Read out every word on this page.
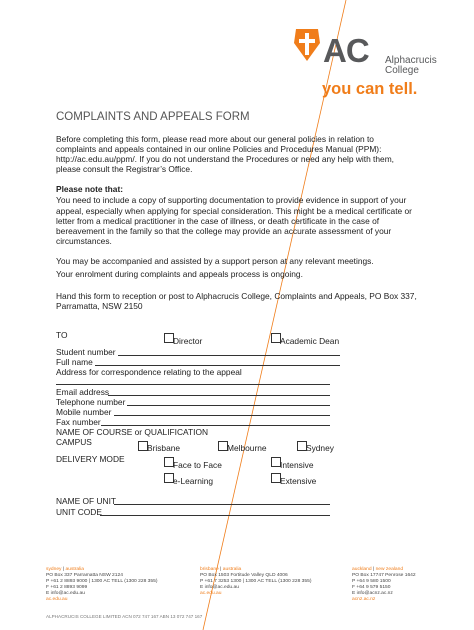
AC Alphacrucis
College
you can tell.
COMPLAINTS AND APPEALS FORM
Before completing this form, please read more about our general policies in relation to
complaints and appeals contained in our online Policies and Procedures Manual (PPM):
http://ac.edu.au/ppm/. If you do not understand the Procedures or need any help with them,
please consult the Registrar’s Office.
Please note that:
You need to include a copy of supporting documentation to provide evidence in support of your
appeal, especially when applying for special consideration. This might be a medical certificate or
letter from a medical practitioner in the case of illness, or death certificate in the case of
bereavement in the family so that the college may provide an accurate assessment of your
circumstances.
You may be accompanied and assisted by a support person at any relevant meetings.
Your enrolment during complaints and appeals process is ongoing.
Hand this form to reception or post to Alphacrucis College, Complaints and Appeals, PO Box 337,
Parramatta, NSW 2150
TO
Director	Academic Dean
Student number
Full name
Address for correspondence relating to the appeal
Email address
Telephone number
Mobile number
Fax number
NAME OF COURSE or QUALIFICATION
CAMPUS
Brisbane	Melbourne	Sydney
DELIVERY MODE
Face to Face	Intensive
e-Learning	Extensive
NAME OF UNIT
UNIT CODE
sydney | australia
PO Box 337 Parramatta NSW 2124
P +61 2 8893 9000 | 1300 AC TELL (1300 228 355)
F +61 2 8893 9099
E info@ac.edu.au
ac.edu.au
brisbane | australia
PO Box 1503 Fortitude Valley QLD 4006
P +61 7 3253 1300 | 1300 AC TELL (1300 228 355)
E info@ac.edu.au
ac.edu.au
auckland | new zealand
PO Box 17747 Penrose 1642
P +64 9 580 1500
F +64 9 579 5150
E info@acnz.ac.nz
acnz.ac.nz
ALPHACRUCIS COLLEGE LIMITED ACN 072 747 167 ABN 13 072 747 167
